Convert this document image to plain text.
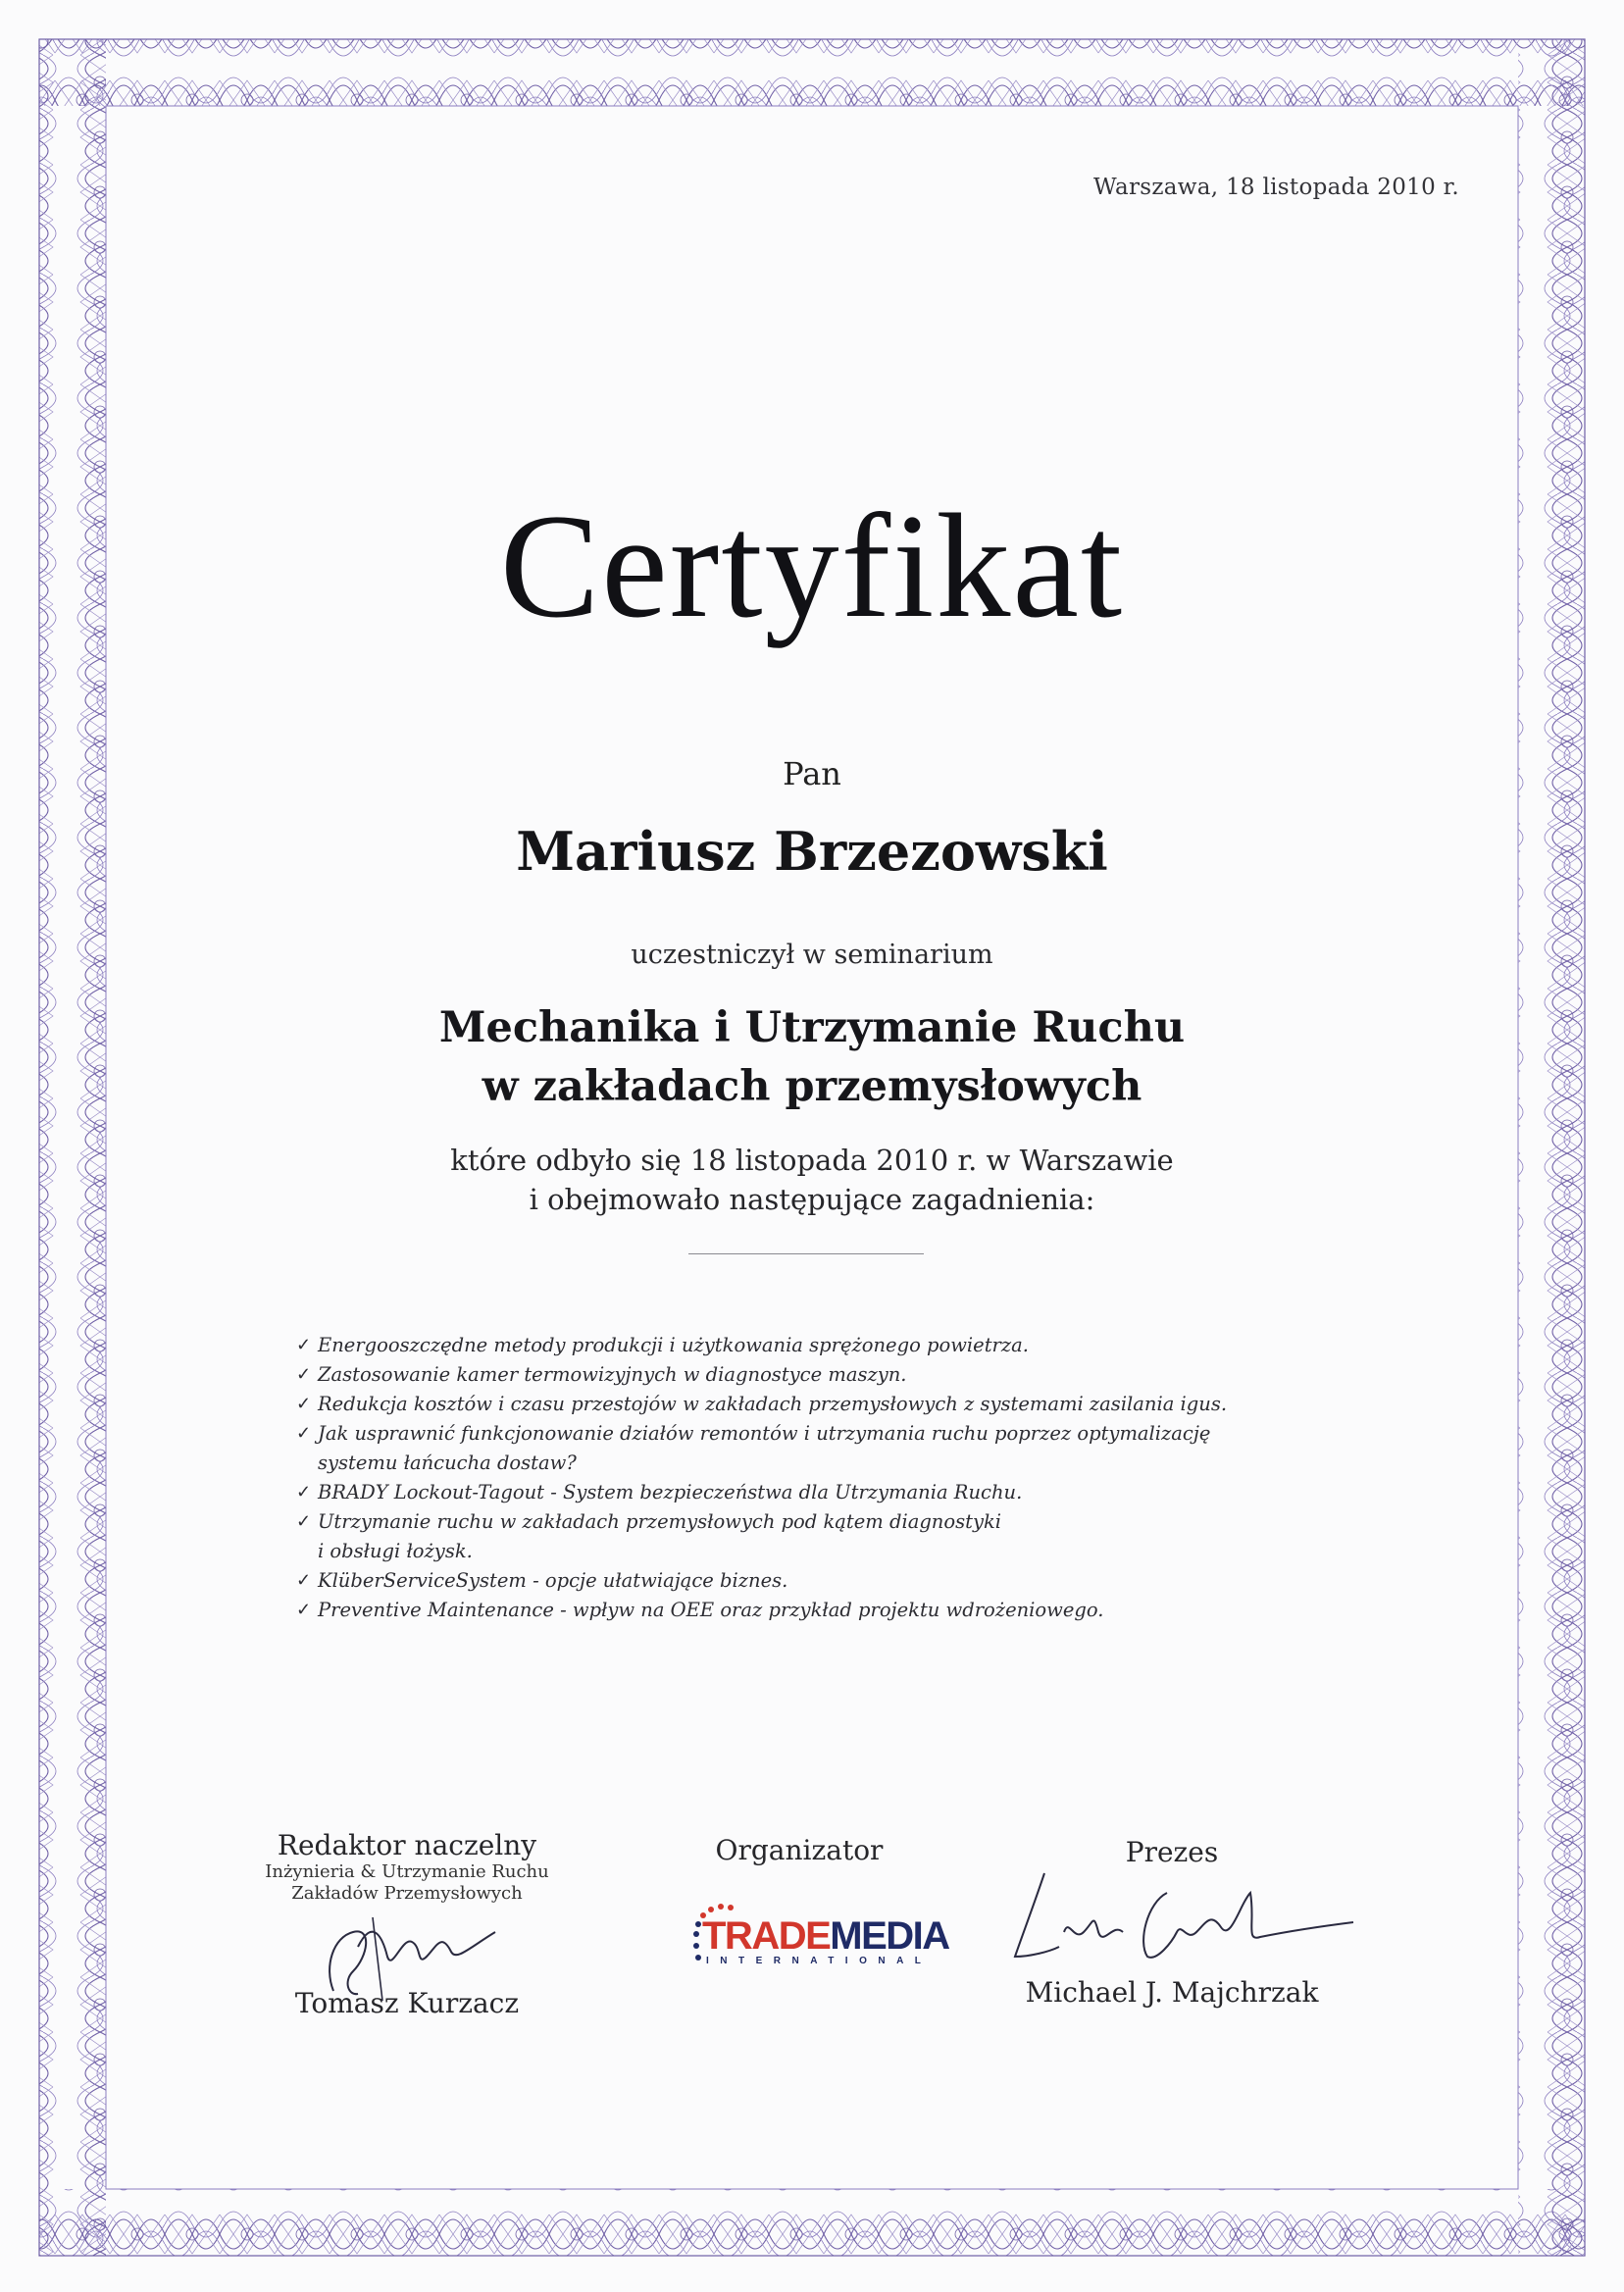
Warszawa, 18 listopada 2010 r.
Certyfikat
Pan
Mariusz Brzezowski
uczestniczył w seminarium
Mechanika i Utrzymanie Ruchu
w zakładach przemysłowych
które odbyło się 18 listopada 2010 r. w Warszawie
i obejmowało następujące zagadnienia:
✓ Energooszczędne metody produkcji i użytkowania sprężonego powietrza.
✓ Zastosowanie kamer termowizyjnych w diagnostyce maszyn.
✓ Redukcja kosztów i czasu przestojów w zakładach przemysłowych z systemami zasilania igus.
✓ Jak usprawnić funkcjonowanie działów remontów i utrzymania ruchu poprzez optymalizację
systemu łańcucha dostaw?
✓ BRADY Lockout-Tagout - System bezpieczeństwa dla Utrzymania Ruchu.
✓ Utrzymanie ruchu w zakładach przemysłowych pod kątem diagnostyki
i obsługi łożysk.
✓ KlüberServiceSystem - opcje ułatwiające biznes.
✓ Preventive Maintenance - wpływ na OEE oraz przykład projektu wdrożeniowego.
Redaktor naczelny
Inżynieria & Utrzymanie Ruchu
Zakładów Przemysłowych
Tomasz Kurzacz
Organizator
TRADEMEDIA
INTERNATIONAL
Prezes
Michael J. Majchrzak
